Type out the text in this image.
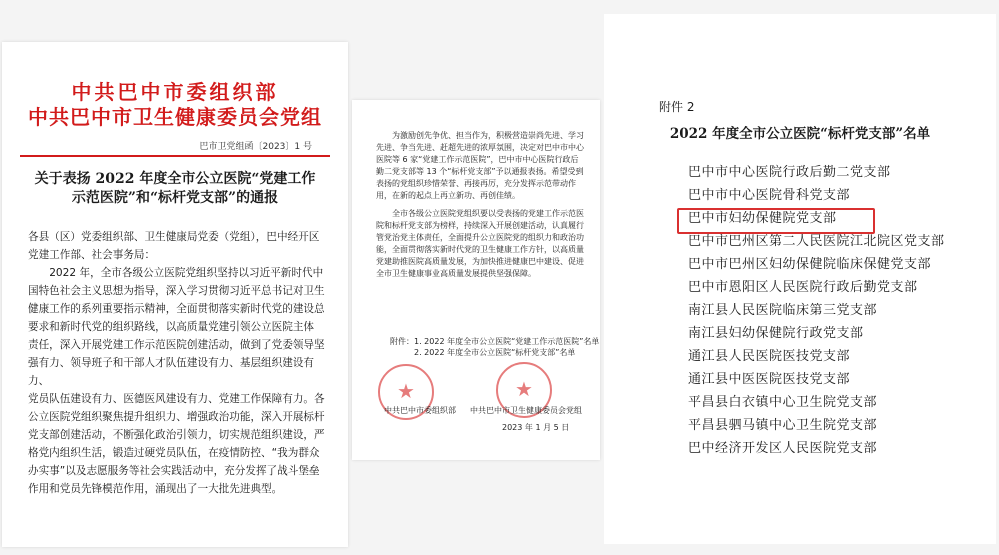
中共巴中市委组织部
中共巴中市卫生健康委员会党组
巴市卫党组函〔2023〕1 号
关于表扬 2022 年度全市公立医院“党建工作
示范医院”和“标杆党支部”的通报

各县（区）党委组织部、卫生健康局党委（党组），巴中经开区

党建工作部、社会事务局：

2022 年，全市各级公立医院党组织坚持以习近平新时代中

国特色社会主义思想为指导，深入学习贯彻习近平总书记对卫生

健康工作的系列重要指示精神，全面贯彻落实新时代党的建设总

要求和新时代党的组织路线，以高质量党建引领公立医院主体

责任，深入开展党建工作示范医院创建活动，做到了党委领导坚

强有力、领导班子和干部人才队伍建设有力、基层组织建设有力、

党员队伍建设有力、医德医风建设有力、党建工作保障有力。各

公立医院党组织聚焦提升组织力、增强政治功能，深入开展标杆

党支部创建活动，不断强化政治引领力，切实规范组织建设，严

格党内组织生活，锻造过硬党员队伍，在疫情防控、“我为群众

办实事”以及志愿服务等社会实践活动中，充分发挥了战斗堡垒

作用和党员先锋模范作用，涌现出了一大批先进典型。

为激励创先争优、担当作为，积极营造崇尚先进、学习先进、争当先进、赶超先进的浓厚氛围，决定对巴中市中心医院等 6 家“党建工作示范医院”，巴中市中心医院行政后勤二党支部等 13 个“标杆党支部”予以通报表扬。希望受到表扬的党组织珍惜荣誉、再接再厉，充分发挥示范带动作用，在新的起点上再立新功、再创佳绩。

全市各级公立医院党组织要以受表扬的党建工作示范医院和标杆党支部为榜样，持续深入开展创建活动，认真履行管党治党主体责任，全面提升公立医院党的组织力和政治功能，全面贯彻落实新时代党的卫生健康工作方针，以高质量党建助推医院高质量发展，为加快推进健康巴中建设、促进全市卫生健康事业高质量发展提供坚强保障。

附件：1. 2022 年度全市公立医院“党建工作示范医院”名单
2. 2022 年度全市公立医院“标杆党支部”名单
★	★
中共巴中市委组织部 中共巴中市卫生健康委员会党组
2023 年 1 月 5 日
附件 2
2022 年度全市公立医院“标杆党支部”名单
巴中市中心医院行政后勤二党支部
巴中市中心医院骨科党支部
巴中市妇幼保健院党支部
巴中市巴州区第二人民医院江北院区党支部
巴中市巴州区妇幼保健院临床保健党支部
巴中市恩阳区人民医院行政后勤党支部
南江县人民医院临床第三党支部
南江县妇幼保健院行政党支部
通江县人民医院医技党支部
通江县中医医院医技党支部
平昌县白衣镇中心卫生院党支部
平昌县驷马镇中心卫生院党支部
巴中经济开发区人民医院党支部
